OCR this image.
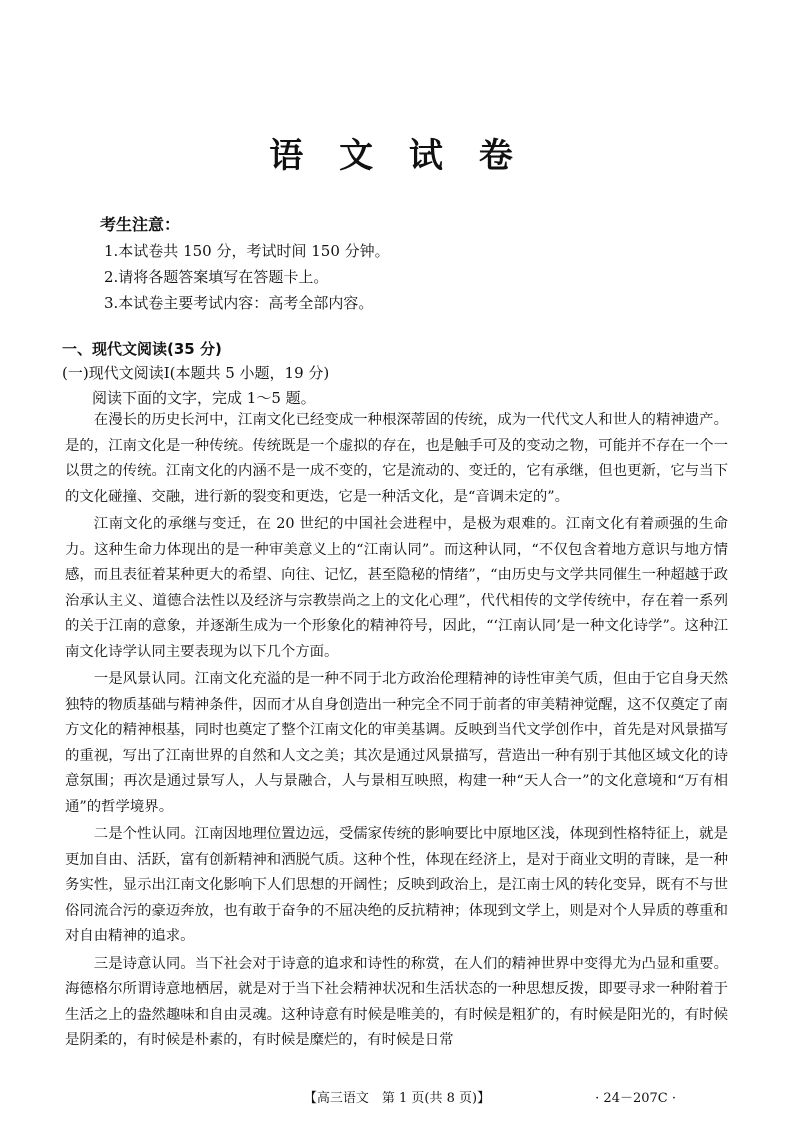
语 文 试 卷
考生注意：
1.本试卷共 150 分，考试时间 150 分钟。
2.请将各题答案填写在答题卡上。
3.本试卷主要考试内容：高考全部内容。
一、现代文阅读(35 分)
(一)现代文阅读Ⅰ(本题共 5 小题，19 分)
阅读下面的文字，完成 1～5 题。

在漫长的历史长河中，江南文化已经变成一种根深蒂固的传统，成为一代代文人和世人的精神遗产。是的，江南文化是一种传统。传统既是一个虚拟的存在，也是触手可及的变动之物，可能并不存在一个一以贯之的传统。江南文化的内涵不是一成不变的，它是流动的、变迁的，它有承继，但也更新，它与当下的文化碰撞、交融，进行新的裂变和更迭，它是一种活文化，是“音调未定的”。

江南文化的承继与变迁，在 20 世纪的中国社会进程中，是极为艰难的。江南文化有着顽强的生命力。这种生命力体现出的是一种审美意义上的“江南认同”。而这种认同，“不仅包含着地方意识与地方情感，而且表征着某种更大的希望、向往、记忆，甚至隐秘的情绪”，“由历史与文学共同催生一种超越于政治承认主义、道德合法性以及经济与宗教崇尚之上的文化心理”，代代相传的文学传统中，存在着一系列的关于江南的意象，并逐渐生成为一个形象化的精神符号，因此，“‘江南认同’是一种文化诗学”。这种江南文化诗学认同主要表现为以下几个方面。

一是风景认同。江南文化充溢的是一种不同于北方政治伦理精神的诗性审美气质，但由于它自身天然独特的物质基础与精神条件，因而才从自身创造出一种完全不同于前者的审美精神觉醒，这不仅奠定了南方文化的精神根基，同时也奠定了整个江南文化的审美基调。反映到当代文学创作中，首先是对风景描写的重视，写出了江南世界的自然和人文之美；其次是通过风景描写，营造出一种有别于其他区域文化的诗意氛围；再次是通过景写人，人与景融合，人与景相互映照，构建一种“天人合一”的文化意境和“万有相通”的哲学境界。

二是个性认同。江南因地理位置边远，受儒家传统的影响要比中原地区浅，体现到性格特征上，就是更加自由、活跃，富有创新精神和洒脱气质。这种个性，体现在经济上，是对于商业文明的青睐，是一种务实性，显示出江南文化影响下人们思想的开阔性；反映到政治上，是江南士风的转化变异，既有不与世俗同流合污的豪迈奔放，也有敢于奋争的不屈决绝的反抗精神；体现到文学上，则是对个人异质的尊重和对自由精神的追求。

三是诗意认同。当下社会对于诗意的追求和诗性的称赏，在人们的精神世界中变得尤为凸显和重要。海德格尔所谓诗意地栖居，就是对于当下社会精神状况和生活状态的一种思想反拨，即要寻求一种附着于生活之上的盎然趣味和自由灵魂。这种诗意有时候是唯美的，有时候是粗犷的，有时候是阳光的，有时候是阴柔的，有时候是朴素的，有时候是糜烂的，有时候是日常

【高三语文　第 1 页(共 8 页)】	· 24－207C ·
